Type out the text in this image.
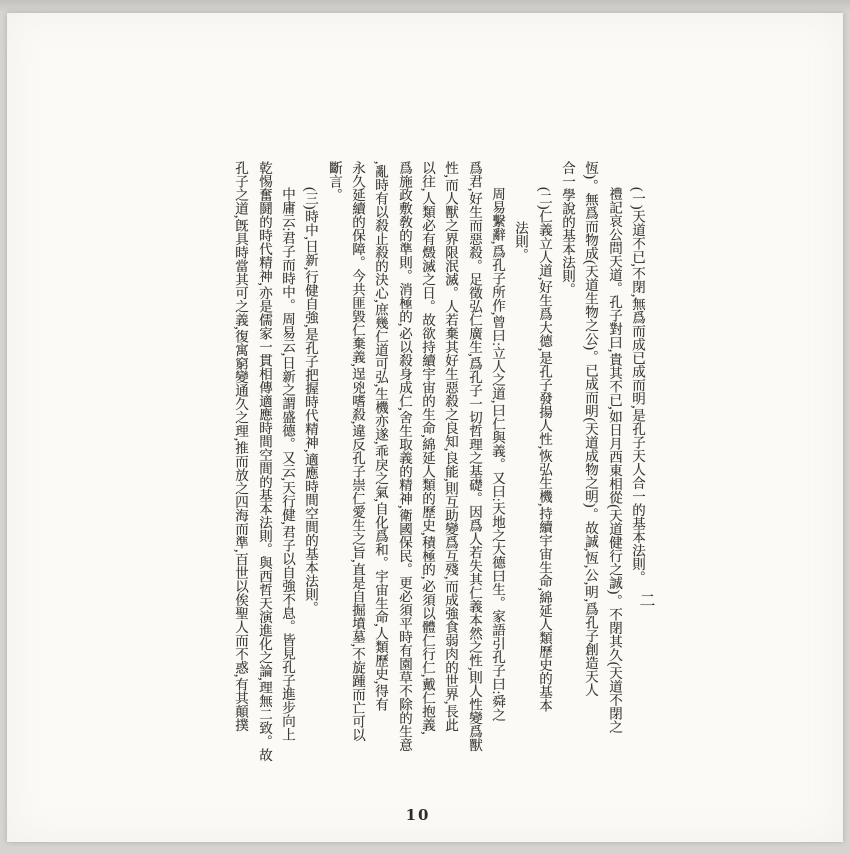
(一)天道不已,不閉,無爲而成已成而明,是孔子天人合一的基本法則。
禮記哀公問天道。孔子對曰,貴其不已,如日月西東相從(天道健行之誠)。不閉其久(天道不閉之
恆)。無爲而物成(天道生物之公)。已成而明(天道成物之明)。故誠,恆,公,明,爲孔子創造天人
合一學說的基本法則。
(二)仁義立人道,好生爲大德,是孔子發揚人性,恢弘生機,持續宇宙生命,綿延人類歷史的基本
法則。
周易繫辭,爲孔子所作,曾曰:立人之道,曰仁與義。又曰:天地之大德曰生。家語引孔子曰:舜之
爲君,好生而惡殺。足徵弘仁廣生,爲孔子一切哲理之基礎。因爲人若失其仁義本然之性,則人性變爲獸
性,而人獸之界限泯滅。人若棄其好生惡殺之良知,良能,則互助變爲互殘,而成強食弱肉的世界,長此
以往,人類必有燬滅之日。故欲持續宇宙的生命,綿延人類的歷史,積極的,必須以體仁行仁,戴仁抱義,
爲施政敷敎的準則。消極的,必以殺身成仁,舍生取義的精神,衛國保民。更必須平時有園草不除的生意
,亂時有以殺止殺的決心,庶幾仁道可弘,生機亦遂,乖戾之氣,自化爲和。宇宙生命,人類歷史,得有
永久延續的保障。今共匪毀仁棄義,逞兇嗜殺,違反孔子崇仁愛生之旨,直是自掘墳墓,不旋踵而亡可以
斷言。
(三)時中,日新,行健自強,是孔子把握時代精神,適應時間空間的基本法則。
中庸云:君子而時中。周易云,日新之謂盛德。又云,天行健,君子以自強不息。皆見孔子進步向上
乾惕奮鬪的時代精神,亦是儒家一貫相傳適應時間空間的基本法則。與西哲天演進化之論,理無二致。故
孔子之道,旣具時當其可之義,復寓窮變通久之理,推而放之四海而準,百世以俟聖人而不惑,有其顛撲	二
10
